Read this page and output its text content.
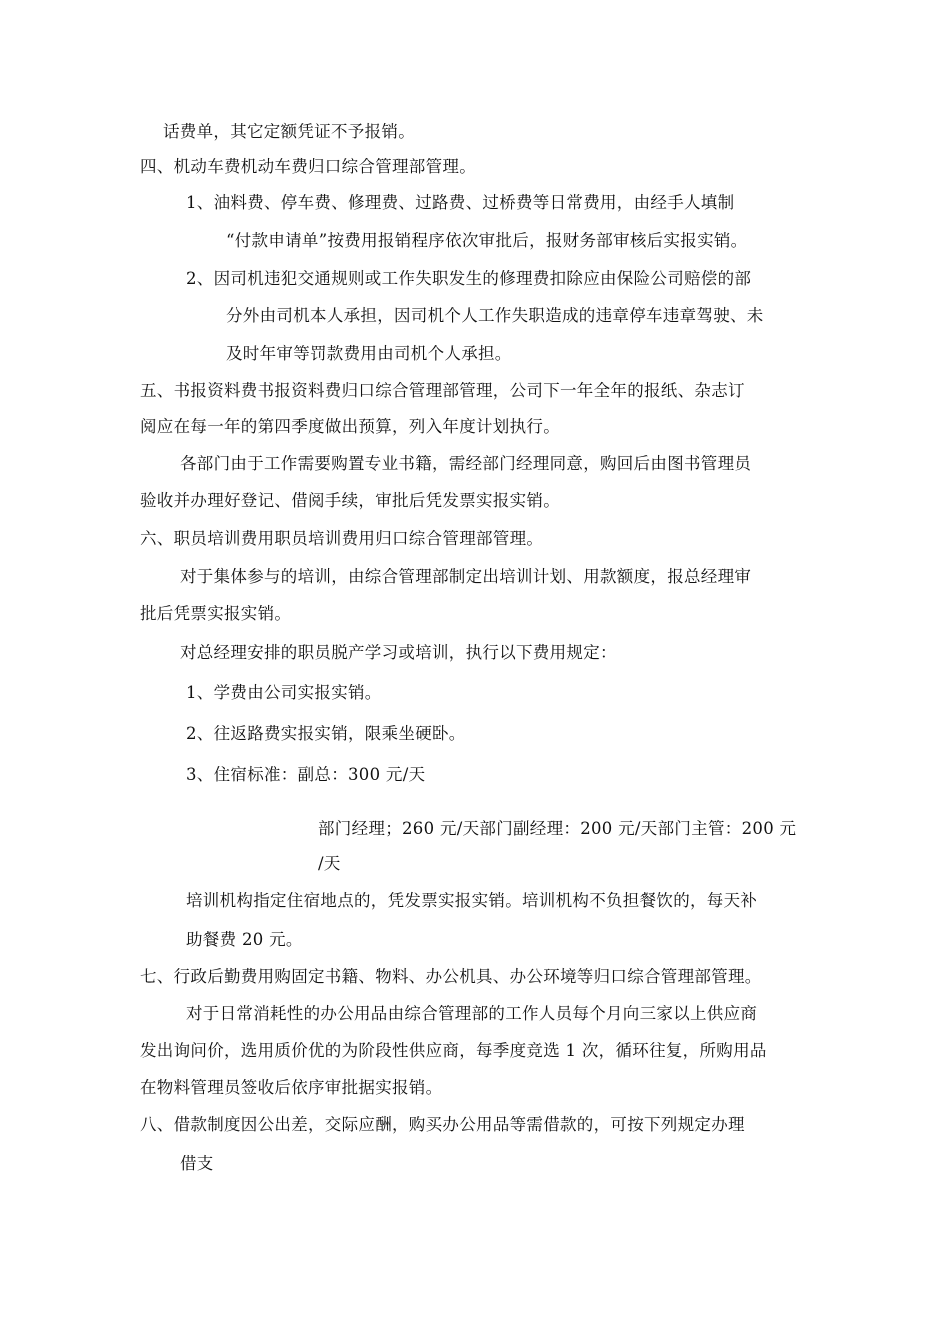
话费单，其它定额凭证不予报销。
四、机动车费机动车费归口综合管理部管理。
1、油料费、停车费、修理费、过路费、过桥费等日常费用，由经手人填制
“付款申请单”按费用报销程序依次审批后，报财务部审核后实报实销。
2、因司机违犯交通规则或工作失职发生的修理费扣除应由保险公司赔偿的部
分外由司机本人承担，因司机个人工作失职造成的违章停车违章驾驶、未
及时年审等罚款费用由司机个人承担。
五、书报资料费书报资料费归口综合管理部管理，公司下一年全年的报纸、杂志订
阅应在每一年的第四季度做出预算，列入年度计划执行。
各部门由于工作需要购置专业书籍，需经部门经理同意，购回后由图书管理员
验收并办理好登记、借阅手续，审批后凭发票实报实销。
六、职员培训费用职员培训费用归口综合管理部管理。
对于集体参与的培训，由综合管理部制定出培训计划、用款额度，报总经理审
批后凭票实报实销。
对总经理安排的职员脱产学习或培训，执行以下费用规定：
1、学费由公司实报实销。
2、往返路费实报实销，限乘坐硬卧。
3、住宿标准：副总：300 元/天
部门经理；260 元/天部门副经理：200 元/天部门主管：200 元
/天
培训机构指定住宿地点的，凭发票实报实销。培训机构不负担餐饮的，每天补
助餐费 20 元。
七、行政后勤费用购固定书籍、物料、办公机具、办公环境等归口综合管理部管理。
对于日常消耗性的办公用品由综合管理部的工作人员每个月向三家以上供应商
发出询问价，选用质价优的为阶段性供应商，每季度竞选 1 次，循环往复，所购用品
在物料管理员签收后依序审批据实报销。
八、借款制度因公出差，交际应酬，购买办公用品等需借款的，可按下列规定办理
借支
